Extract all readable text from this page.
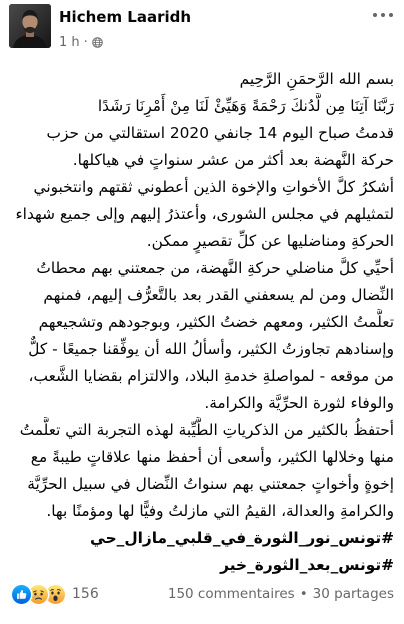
Hichem Laaridh
1 h ·
بسم الله الرَّحمَنِ الرَّحِيم
رَبَّنَا آتِنَا مِن لَّدُنكَ رَحْمَةً وَهَيِّئْ لَنَا مِنْ أَمْرِنَا رَشَدًا
قدمتُ صباح اليوم 14 جانفي 2020 استقالتي من حزب
حركة النَّهضة بعد أكثر من عشر سنواتٍ في هياكلها.
أشكرُ كلَّ الأخواتِ والإخوة الذين أعطوني ثقتهم وانتخبوني
لتمثيلهم في مجلس الشورى، وأعتذرُ إليهم وإلى جميع شهداء
الحركةِ ومناضليها عن كلِّ تقصيرٍ ممكن.
أحيِّي كلَّ مناضلي حركةِ النَّهضة، من جمعتني بهم محطاتُ
النِّضال ومن لم يسعفني القدر بعد بالتَّعرُّف إليهم، فمنهم
تعلَّمتُ الكثير، ومعهم خضتُ الكثير، وبوجودهم وتشجيعهم
وإسنادهم تجاوزتُ الكثير، وأسألُ الله أن يوفِّقنا جميعًا - كلٌّ
من موقعه - لمواصلةِ خدمةِ البلاد، والالتزام بقضايا الشَّعب،
والوفاء لثورة الحرِّيَّة والكرامة.
أحتفظُ بالكثير من الذكرياتِ الطَّيِّبة لهذه التجربة التي تعلَّمتُ
منها وخلالها الكثير، وأسعى أن أحفظ منها علاقاتٍ طيبةً مع
إخوةٍ وأخواتٍ جمعتني بهم سنواتُ النِّضال في سبيل الحرِّيَّة
والكرامةِ والعدالة، القيمُ التي مازلتُ وفيًّا لها ومؤمنًا بها.
#تونس_نور_الثورة_في_قلبي_مازال_حي
#تونس_بعد_الثورة_خير
156	150 commentaires • 30 partages
